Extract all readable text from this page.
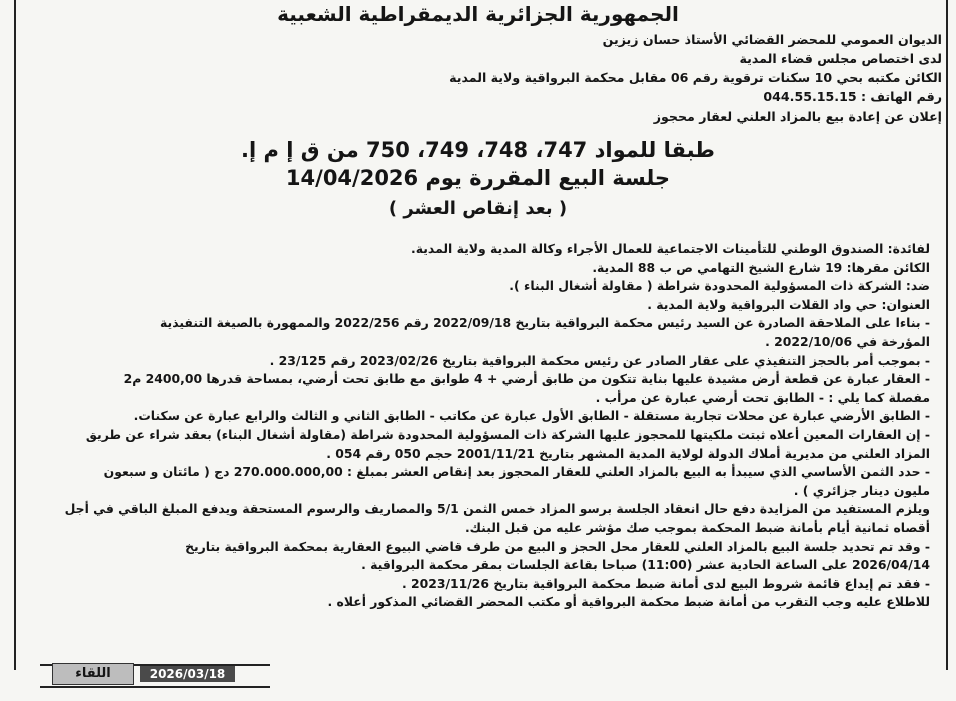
الجمهورية الجزائرية الديمقراطية الشعبية
الديوان العمومي للمحضر القضائي الأستاذ حسان زيزين
لدى اختصاص مجلس قضاء المدية
الكائن مكتبه بحي 10 سكنات ترقوية رقم 06 مقابل محكمة البرواقية ولاية المدية
رقم الهاتف : 044.55.15.15
إعلان عن إعادة بيع بالمزاد العلني لعقار محجوز
طبقا للمواد 747، 748، 749، 750 من ق إ م إ.
جلسة البيع المقررة يوم 14/04/2026
( بعد إنقاص العشر )

لفائدة: الصندوق الوطني للتأمينات الاجتماعية للعمال الأجراء وكالة المدية ولاية المدية.

الكائن مقرها: 19 شارع الشيخ التهامي ص ب 88 المدية.

ضد: الشركة ذات المسؤولية المحدودة شراطة ( مقاولة أشغال البناء ).

العنوان: حي واد القلات البرواقية ولاية المدية .

- بناءا على الملاحقة الصادرة عن السيد رئيس محكمة البرواقية بتاريخ 2022/09/18 رقم 2022/256 والممهورة بالصيغة التنفيذية

المؤرخة في 2022/10/06 .

- بموجب أمر بالحجز التنفيذي على عقار الصادر عن رئيس محكمة البرواقية بتاريخ 2023/02/26 رقم 23/125 .

- العقار عبارة عن قطعة أرض مشيدة عليها بناية تتكون من طابق أرضي + 4 طوابق مع طابق تحت أرضي، بمساحة قدرها 2400,00 م2

مفصلة كما يلي : - الطابق تحت أرضي عبارة عن مرأب .

- الطابق الأرضي عبارة عن محلات تجارية مستقلة - الطابق الأول عبارة عن مكاتب - الطابق الثاني و الثالث والرابع عبارة عن سكنات.

- إن العقارات المعين أعلاه ثبتت ملكيتها للمحجوز عليها الشركة ذات المسؤولية المحدودة شراطة (مقاولة أشغال البناء) بعقد شراء عن طريق

المزاد العلني من مديرية أملاك الدولة لولاية المدية المشهر بتاريخ 2001/11/21 حجم 050 رقم 054 .

- حدد الثمن الأساسي الذي سيبدأ به البيع بالمزاد العلني للعقار المحجوز بعد إنقاص العشر بمبلغ : 270.000.000,00 دج ( مائتان و سبعون

مليون دينار جزائري ) .

ويلزم المستفيد من المزايدة دفع حال انعقاد الجلسة برسو المزاد خمس الثمن 5/1 والمصاريف والرسوم المستحقة ويدفع المبلغ الباقي في أجل

أقصاه ثمانية أيام بأمانة ضبط المحكمة بموجب صك مؤشر عليه من قبل البنك.

- وقد تم تحديد جلسة البيع بالمزاد العلني للعقار محل الحجز و البيع من طرف قاضي البيوع العقارية بمحكمة البرواقية بتاريخ

2026/04/14 على الساعة الحادية عشر (11:00) صباحا بقاعة الجلسات بمقر محكمة البرواقية .

- فقد تم إيداع قائمة شروط البيع لدى أمانة ضبط محكمة البرواقية بتاريخ 2023/11/26 .

للاطلاع عليه وجب التقرب من أمانة ضبط محكمة البرواقية أو مكتب المحضر القضائي المذكور أعلاه .

2026/03/18
اللقاء
